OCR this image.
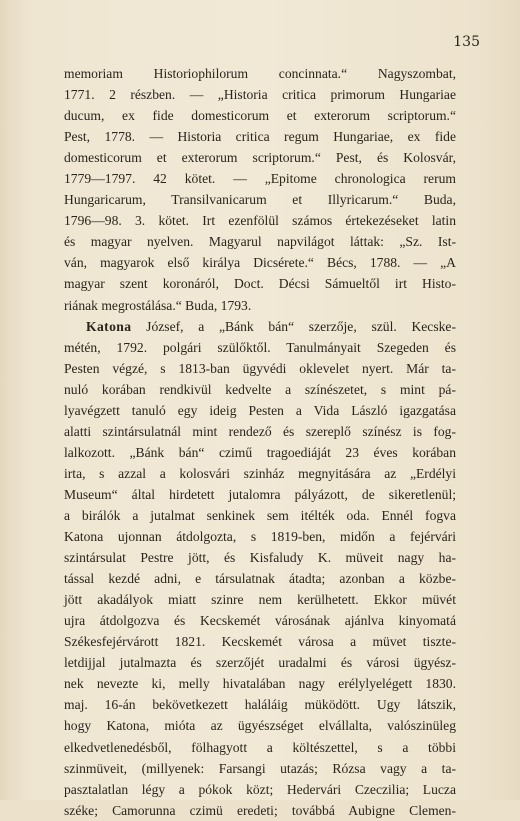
135
memoriam Historiophilorum concinnata.“ Nagyszombat,
1771. 2 részben. — „Historia critica primorum Hungariae
ducum, ex fide domesticorum et exterorum scriptorum.“
Pest, 1778. — Historia critica regum Hungariae, ex fide
domesticorum et exterorum scriptorum.“ Pest, és Kolosvár,
1779—1797. 42 kötet. — „Epitome chronologica rerum
Hungaricarum, Transilvanicarum et Illyricarum.“ Buda,
1796—98. 3. kötet. Irt ezenfölül számos értekezéseket latin
és magyar nyelven. Magyarul napvilágot láttak: „Sz. Ist-
ván, magyarok első királya Dicsérete.“ Bécs, 1788. — „A
magyar szent koronáról, Doct. Décsi Sámueltől irt Histo-
riának megrostálása.“ Buda, 1793.
Katona József, a „Bánk bán“ szerzője, szül. Kecske-
métén, 1792. polgári szülőktől. Tanulmányait Szegeden és
Pesten végzé, s 1813-ban ügyvédi oklevelet nyert. Már ta-
nuló korában rendkivül kedvelte a színészetet, s mint pá-
lyavégzett tanuló egy ideig Pesten a Vida László igazgatása
alatti szintársulatnál mint rendező és szereplő színész is fog-
lalkozott. „Bánk bán“ czimű tragoediáját 23 éves korában
irta, s azzal a kolosvári szinház megnyitására az „Erdélyi
Museum“ által hirdetett jutalomra pályázott, de sikeretlenül;
a birálók a jutalmat senkinek sem itélték oda. Ennél fogva
Katona ujonnan átdolgozta, s 1819-ben, midőn a fejérvári
szintársulat Pestre jött, és Kisfaludy K. müveit nagy ha-
tással kezdé adni, e társulatnak átadta; azonban a közbe-
jött akadályok miatt szinre nem kerülhetett. Ekkor müvét
ujra átdolgozva és Kecskemét városának ajánlva kinyomatá
Székesfejérvárott 1821. Kecskemét városa a müvet tiszte-
letdijjal jutalmazta és szerzőjét uradalmi és városi ügyész-
nek nevezte ki, melly hivatalában nagy erélylyelégett 1830.
maj. 16-án bekövetkezett haláláig müködött. Ugy látszik,
hogy Katona, mióta az ügyészséget elvállalta, valószinüleg
elkedvetlenedésből, fölhagyott a költészettel, s a többi
szinmüveit, (millyenek: Farsangi utazás; Rózsa vagy a ta-
pasztalatlan légy a pókok közt; Hedervári Czeczilia; Lucza
széke; Camorunna czimü eredeti; továbbá Aubigne Clemen-
